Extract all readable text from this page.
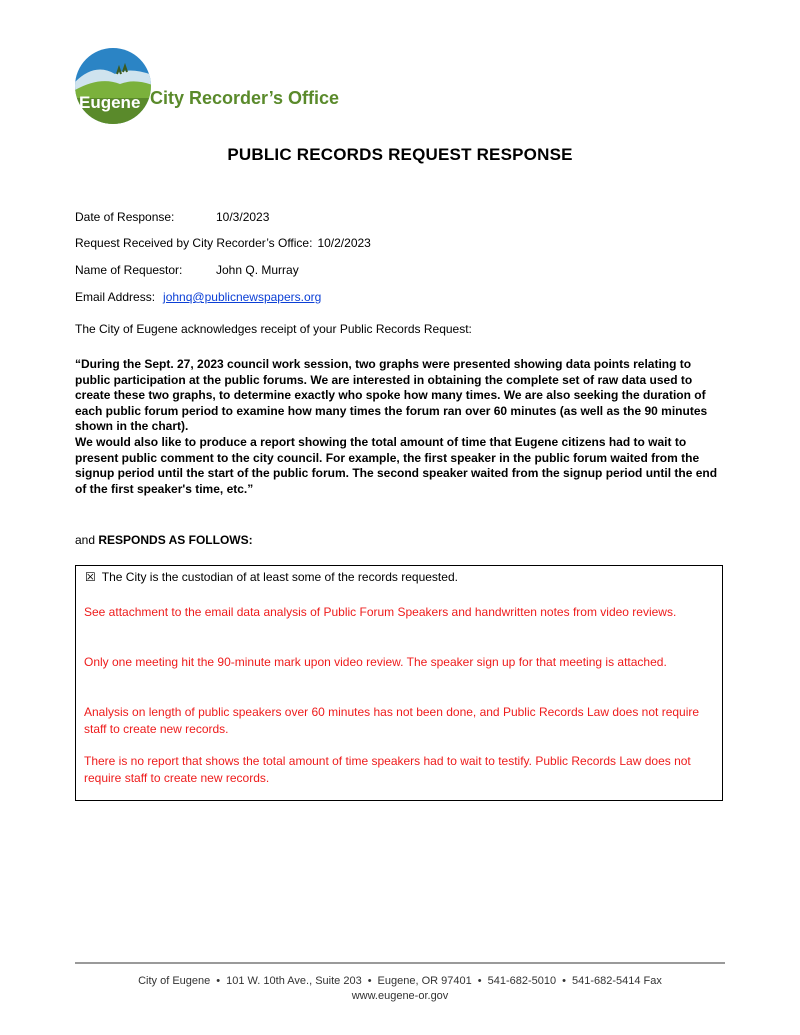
Eugene City Recorder’s Office
PUBLIC RECORDS REQUEST RESPONSE
Date of Response:	10/3/2023
Request Received by City Recorder’s Office: 10/2/2023
Name of Requestor:	John Q. Murray
Email Address: johnq@publicnewspapers.org
The City of Eugene acknowledges receipt of your Public Records Request:

“During the Sept. 27, 2023 council work session, two graphs were presented showing data points relating to public participation at the public forums. We are interested in obtaining the complete set of raw data used to create these two graphs, to determine exactly who spoke how many times. We are also seeking the duration of each public forum period to examine how many times the forum ran over 60 minutes (as well as the 90 minutes shown in the chart).

We would also like to produce a report showing the total amount of time that Eugene citizens had to wait to present public comment to the city council. For example, the first speaker in the public forum waited from the signup period until the start of the public forum. The second speaker waited from the signup period until the end of the first speaker's time, etc.”

and RESPONDS AS FOLLOWS:
☒ The City is the custodian of at least some of the records requested.
See attachment to the email data analysis of Public Forum Speakers and handwritten notes from video reviews.
Only one meeting hit the 90-minute mark upon video review. The speaker sign up for that meeting is attached.
Analysis on length of public speakers over 60 minutes has not been done, and Public Records Law does not require staff to create new records.
There is no report that shows the total amount of time speakers had to wait to testify. Public Records Law does not require staff to create new records.
City of Eugene • 101 W. 10th Ave., Suite 203 • Eugene, OR 97401 • 541-682-5010 • 541-682-5414 Fax
www.eugene-or.gov
